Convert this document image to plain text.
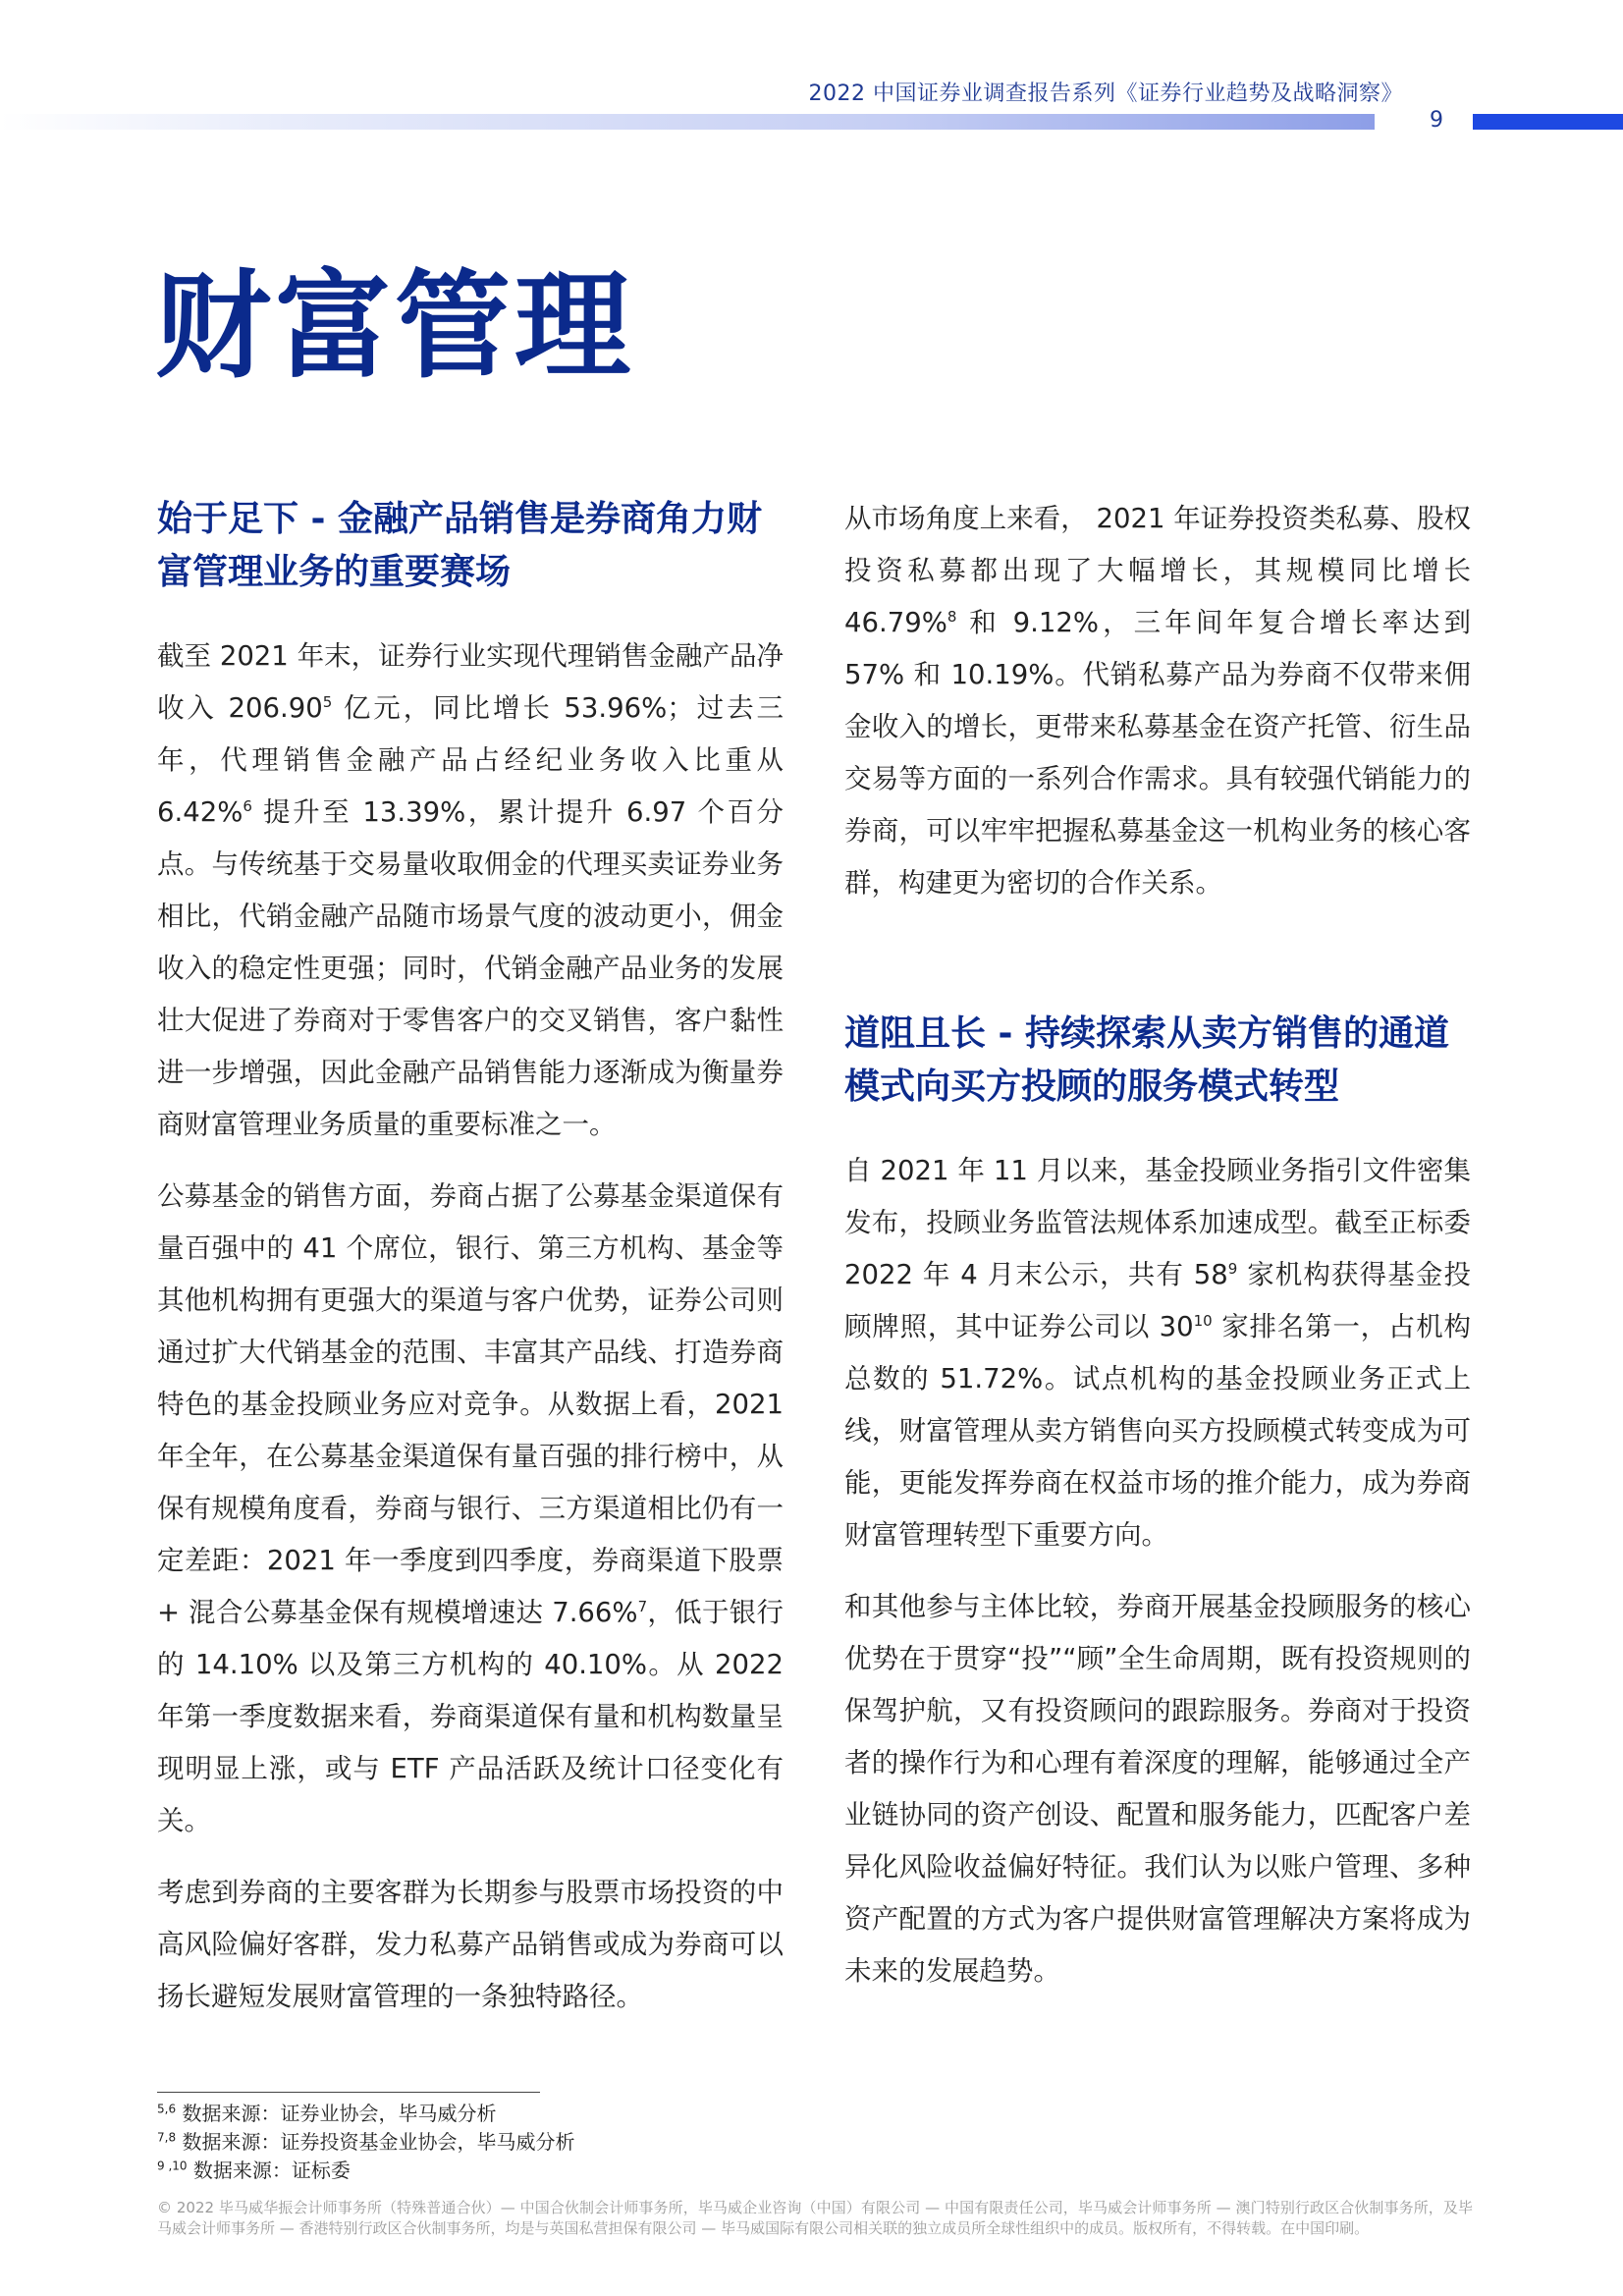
2022 中国证券业调查报告系列《证券行业趋势及战略洞察》
9
财富管理
始于足下 - 金融产品销售是券商角力财富管理业务的重要赛场

截至 2021 年末，证券行业实现代理销售金融产品净收入 206.90$^5$ 亿元，同比增长 53.96%；过去三年，代理销售金融产品占经纪业务收入比重从 6.42%$^6$ 提升至 13.39%，累计提升 6.97 个百分点。与传统基于交易量收取佣金的代理买卖证券业务相比，代销金融产品随市场景气度的波动更小，佣金收入的稳定性更强；同时，代销金融产品业务的发展壮大促进了券商对于零售客户的交叉销售，客户黏性进一步增强，因此金融产品销售能力逐渐成为衡量券商财富管理业务质量的重要标准之一。

公募基金的销售方面，券商占据了公募基金渠道保有量百强中的 41 个席位，银行、第三方机构、基金等其他机构拥有更强大的渠道与客户优势，证券公司则通过扩大代销基金的范围、丰富其产品线、打造券商特色的基金投顾业务应对竞争。从数据上看，2021 年全年，在公募基金渠道保有量百强的排行榜中，从保有规模角度看，券商与银行、三方渠道相比仍有一定差距：2021 年一季度到四季度，券商渠道下股票 + 混合公募基金保有规模增速达 7.66%$^7$，低于银行的 14.10% 以及第三方机构的 40.10%。从 2022 年第一季度数据来看，券商渠道保有量和机构数量呈现明显上涨，或与 ETF 产品活跃及统计口径变化有关。

考虑到券商的主要客群为长期参与股票市场投资的中高风险偏好客群，发力私募产品销售或成为券商可以扬长避短发展财富管理的一条独特路径。

从市场角度上来看， 2021 年证券投资类私募、股权投资私募都出现了大幅增长，其规模同比增长 46.79%$^8$ 和 9.12%，三年间年复合增长率达到 57% 和 10.19%。代销私募产品为券商不仅带来佣金收入的增长，更带来私募基金在资产托管、衍生品交易等方面的一系列合作需求。具有较强代销能力的券商，可以牢牢把握私募基金这一机构业务的核心客群，构建更为密切的合作关系。

道阻且长 - 持续探索从卖方销售的通道模式向买方投顾的服务模式转型

自 2021 年 11 月以来，基金投顾业务指引文件密集发布，投顾业务监管法规体系加速成型。截至正标委 2022 年 4 月末公示，共有 $58^9$ 家机构获得基金投顾牌照，其中证券公司以 $30^{10}$ 家排名第一，占机构总数的 51.72%。试点机构的基金投顾业务正式上线，财富管理从卖方销售向买方投顾模式转变成为可能，更能发挥券商在权益市场的推介能力，成为券商财富管理转型下重要方向。

和其他参与主体比较，券商开展基金投顾服务的核心优势在于贯穿“投”“顾”全生命周期，既有投资规则的保驾护航，又有投资顾问的跟踪服务。券商对于投资者的操作行为和心理有着深度的理解，能够通过全产业链协同的资产创设、配置和服务能力，匹配客户差异化风险收益偏好特征。我们认为以账户管理、多种资产配置的方式为客户提供财富管理解决方案将成为未来的发展趋势。

$^{5,6}$ 数据来源：证券业协会，毕马威分析
$^{7,8}$ 数据来源：证券投资基金业协会，毕马威分析
$^{9 ,10}$ 数据来源：证标委
© 2022 毕马威华振会计师事务所（特殊普通合伙）— 中国合伙制会计师事务所，毕马威企业咨询（中国）有限公司 — 中国有限责任公司，毕马威会计师事务所 — 澳门特别行政区合伙制事务所，及毕马威会计师事务所 — 香港特别行政区合伙制事务所，均是与英国私营担保有限公司 — 毕马威国际有限公司相关联的独立成员所全球性组织中的成员。版权所有，不得转载。在中国印刷。
